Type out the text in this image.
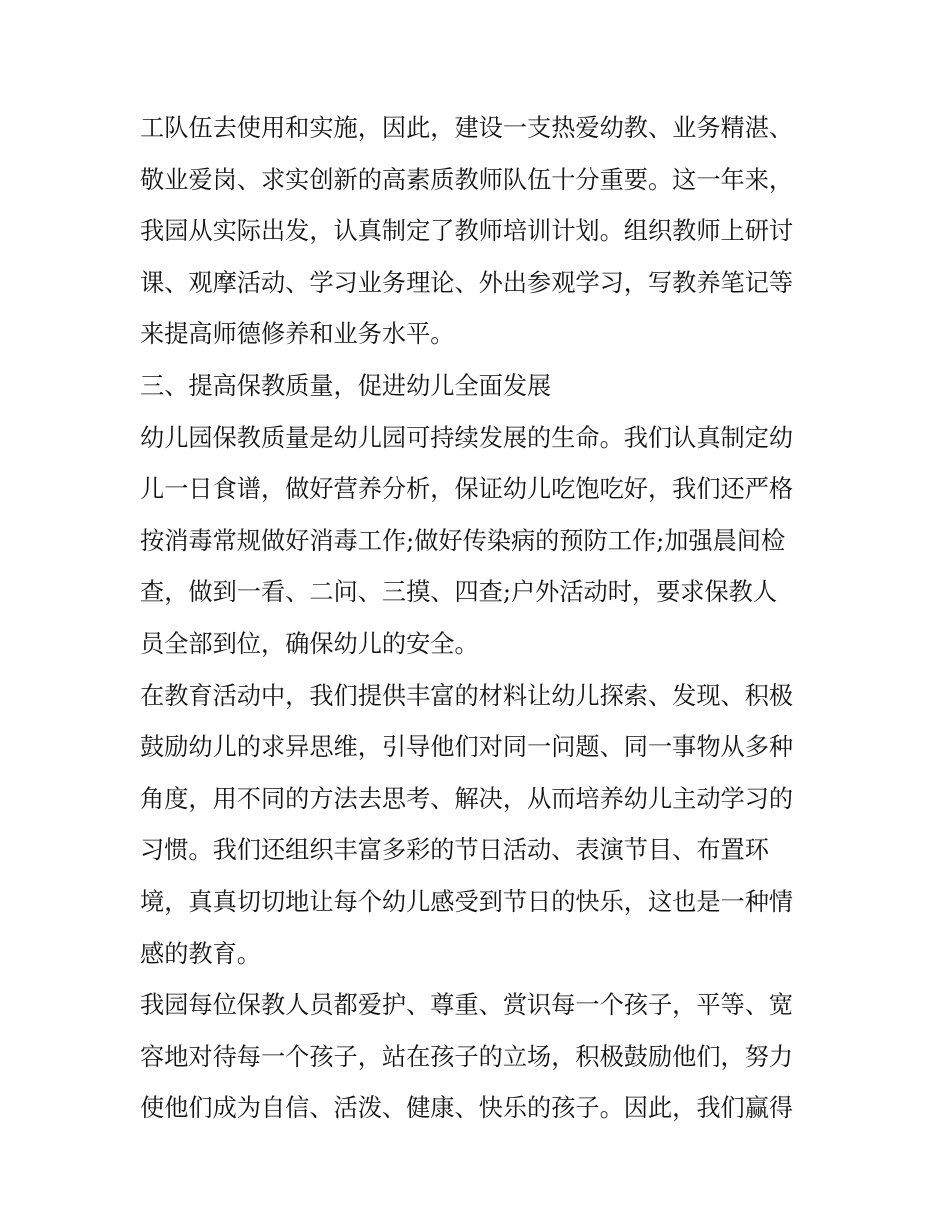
工队伍去使用和实施，因此，建设一支热爱幼教、业务精湛、
敬业爱岗、求实创新的高素质教师队伍十分重要。这一年来，
我园从实际出发，认真制定了教师培训计划。组织教师上研讨
课、观摩活动、学习业务理论、外出参观学习，写教养笔记等
来提高师德修养和业务水平。
三、提高保教质量，促进幼儿全面发展
幼儿园保教质量是幼儿园可持续发展的生命。我们认真制定幼
儿一日食谱，做好营养分析，保证幼儿吃饱吃好，我们还严格
按消毒常规做好消毒工作;做好传染病的预防工作;加强晨间检
查，做到一看、二问、三摸、四查;户外活动时，要求保教人
员全部到位，确保幼儿的安全。
在教育活动中，我们提供丰富的材料让幼儿探索、发现、积极
鼓励幼儿的求异思维，引导他们对同一问题、同一事物从多种
角度，用不同的方法去思考、解决，从而培养幼儿主动学习的
习惯。我们还组织丰富多彩的节日活动、表演节目、布置环
境，真真切切地让每个幼儿感受到节日的快乐，这也是一种情
感的教育。
我园每位保教人员都爱护、尊重、赏识每一个孩子，平等、宽
容地对待每一个孩子，站在孩子的立场，积极鼓励他们，努力
使他们成为自信、活泼、健康、快乐的孩子。因此，我们赢得
